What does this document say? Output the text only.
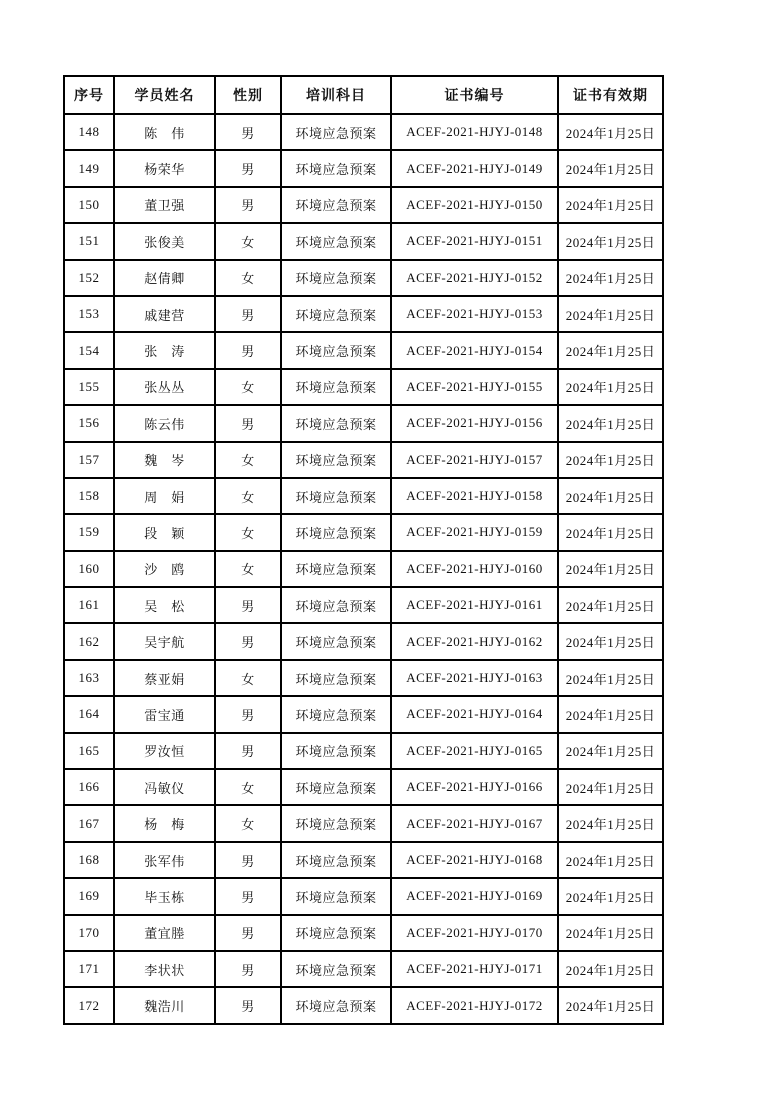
序号	学员姓名	性别	培训科目	证书编号	证书有效期
148	陈　伟	男	环境应急预案	ACEF-2021-HJYJ-0148	2024年1月25日
149	杨荣华	男	环境应急预案	ACEF-2021-HJYJ-0149	2024年1月25日
150	董卫强	男	环境应急预案	ACEF-2021-HJYJ-0150	2024年1月25日
151	张俊美	女	环境应急预案	ACEF-2021-HJYJ-0151	2024年1月25日
152	赵倩卿	女	环境应急预案	ACEF-2021-HJYJ-0152	2024年1月25日
153	戚建营	男	环境应急预案	ACEF-2021-HJYJ-0153	2024年1月25日
154	张　涛	男	环境应急预案	ACEF-2021-HJYJ-0154	2024年1月25日
155	张丛丛	女	环境应急预案	ACEF-2021-HJYJ-0155	2024年1月25日
156	陈云伟	男	环境应急预案	ACEF-2021-HJYJ-0156	2024年1月25日
157	魏　岑	女	环境应急预案	ACEF-2021-HJYJ-0157	2024年1月25日
158	周　娟	女	环境应急预案	ACEF-2021-HJYJ-0158	2024年1月25日
159	段　颖	女	环境应急预案	ACEF-2021-HJYJ-0159	2024年1月25日
160	沙　鸥	女	环境应急预案	ACEF-2021-HJYJ-0160	2024年1月25日
161	吴　松	男	环境应急预案	ACEF-2021-HJYJ-0161	2024年1月25日
162	吴宇航	男	环境应急预案	ACEF-2021-HJYJ-0162	2024年1月25日
163	蔡亚娟	女	环境应急预案	ACEF-2021-HJYJ-0163	2024年1月25日
164	雷宝通	男	环境应急预案	ACEF-2021-HJYJ-0164	2024年1月25日
165	罗汝恒	男	环境应急预案	ACEF-2021-HJYJ-0165	2024年1月25日
166	冯敏仪	女	环境应急预案	ACEF-2021-HJYJ-0166	2024年1月25日
167	杨　梅	女	环境应急预案	ACEF-2021-HJYJ-0167	2024年1月25日
168	张军伟	男	环境应急预案	ACEF-2021-HJYJ-0168	2024年1月25日
169	毕玉栋	男	环境应急预案	ACEF-2021-HJYJ-0169	2024年1月25日
170	董宜塍	男	环境应急预案	ACEF-2021-HJYJ-0170	2024年1月25日
171	李状状	男	环境应急预案	ACEF-2021-HJYJ-0171	2024年1月25日
172	魏浩川	男	环境应急预案	ACEF-2021-HJYJ-0172	2024年1月25日
